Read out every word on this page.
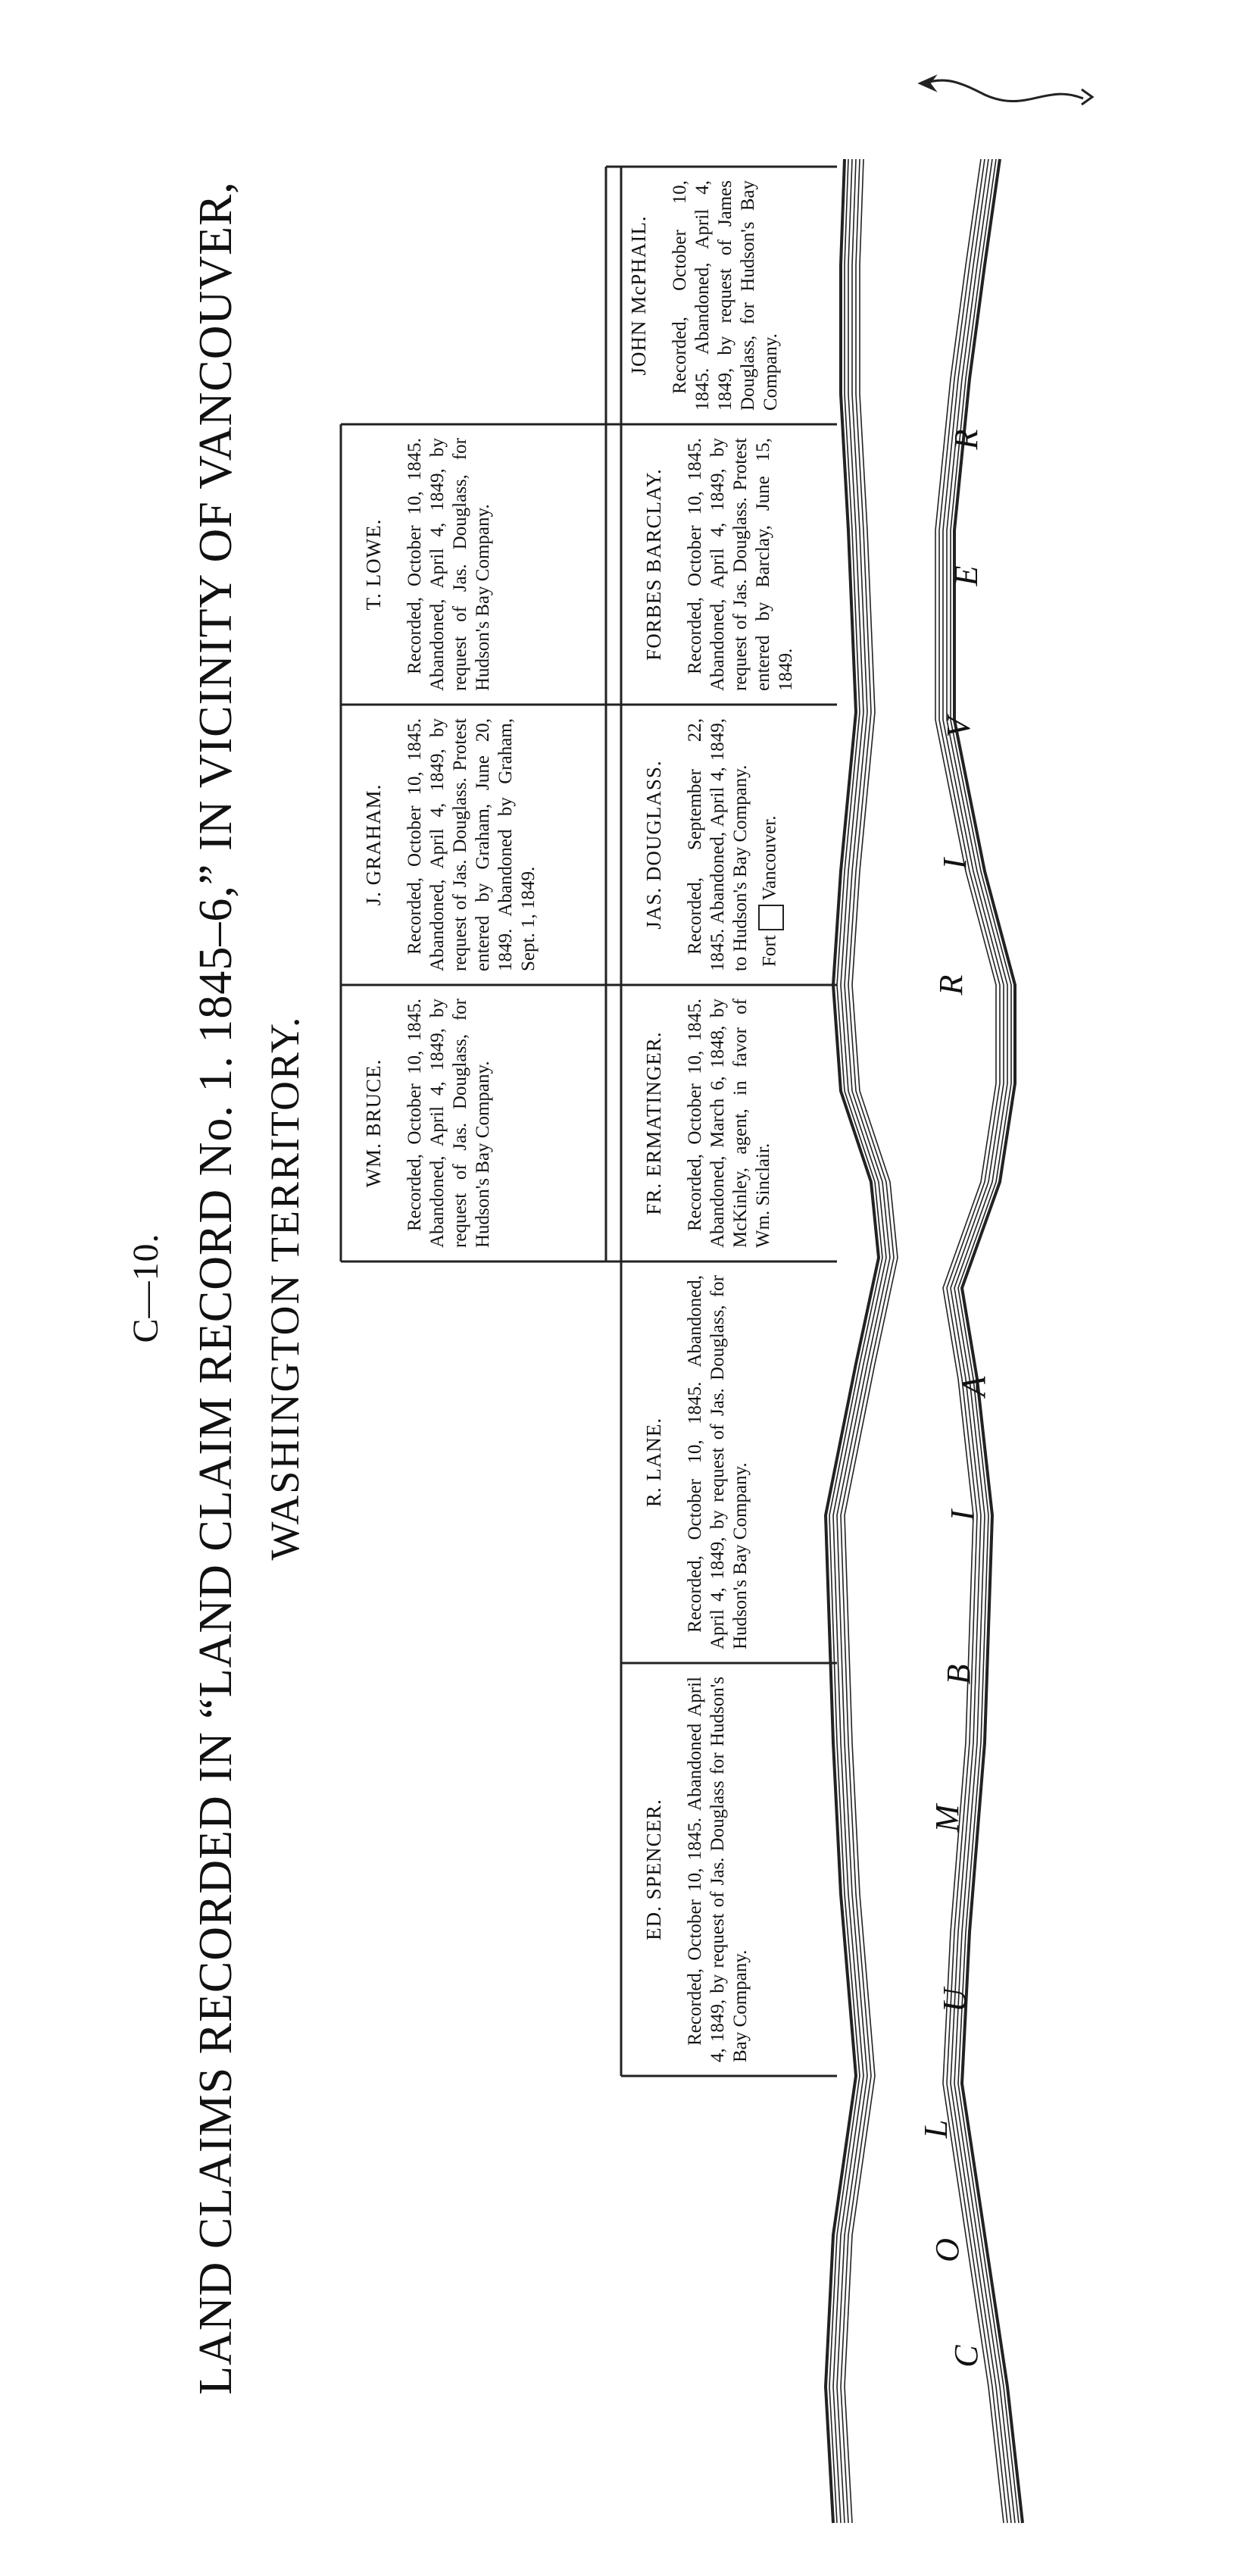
C—10. LAND CLAIMS RECORDED IN “LAND CLAIM RECORD No. 1. 1845–6,” IN VICINITY OF VANCOUVER, WASHINGTON TERRITORY.
C
O
L
U
M
B
I
A
R
I
V
E
R
ED. SPENCER. Recorded, October 10, 1845. Abandoned April 4, 1849, by request of Jas. Douglass for Hudson's Bay Company.
R. LANE. Recorded, October 10, 1845. Abandoned, April 4, 1849, by request of Jas. Douglass, for Hudson's Bay Company.
WM. BRUCE. Recorded, October 10, 1845. Abandoned, April 4, 1849, by request of Jas. Douglass, for Hudson's Bay Company.	FR. ERMATINGER. Recorded, October 10, 1845. Abandoned, March 6, 1848, by McKinley, agent, in favor of Wm. Sinclair.
J. GRAHAM. Recorded, October 10, 1845. Abandoned, April 4, 1849, by request of Jas. Douglass. Protest entered by Graham, June 20, 1849. Abandoned by Graham, Sept. 1, 1849.	JAS. DOUGLASS. Recorded, September 22, 1845. Abandoned, April 4, 1849, to Hudson's Bay Company. FortVancouver.
T. LOWE. Recorded, October 10, 1845. Abandoned, April 4, 1849, by request of Jas. Douglass, for Hudson's Bay Company.	FORBES BARCLAY. Recorded, October 10, 1845. Abandoned, April 4, 1849, by request of Jas. Douglass. Protest entered by Barclay, June 15, 1849.
JOHN McPHAIL. Recorded, October 10, 1845. Abandoned, April 4, 1849, by request of James Douglass, for Hudson's Bay Company.
